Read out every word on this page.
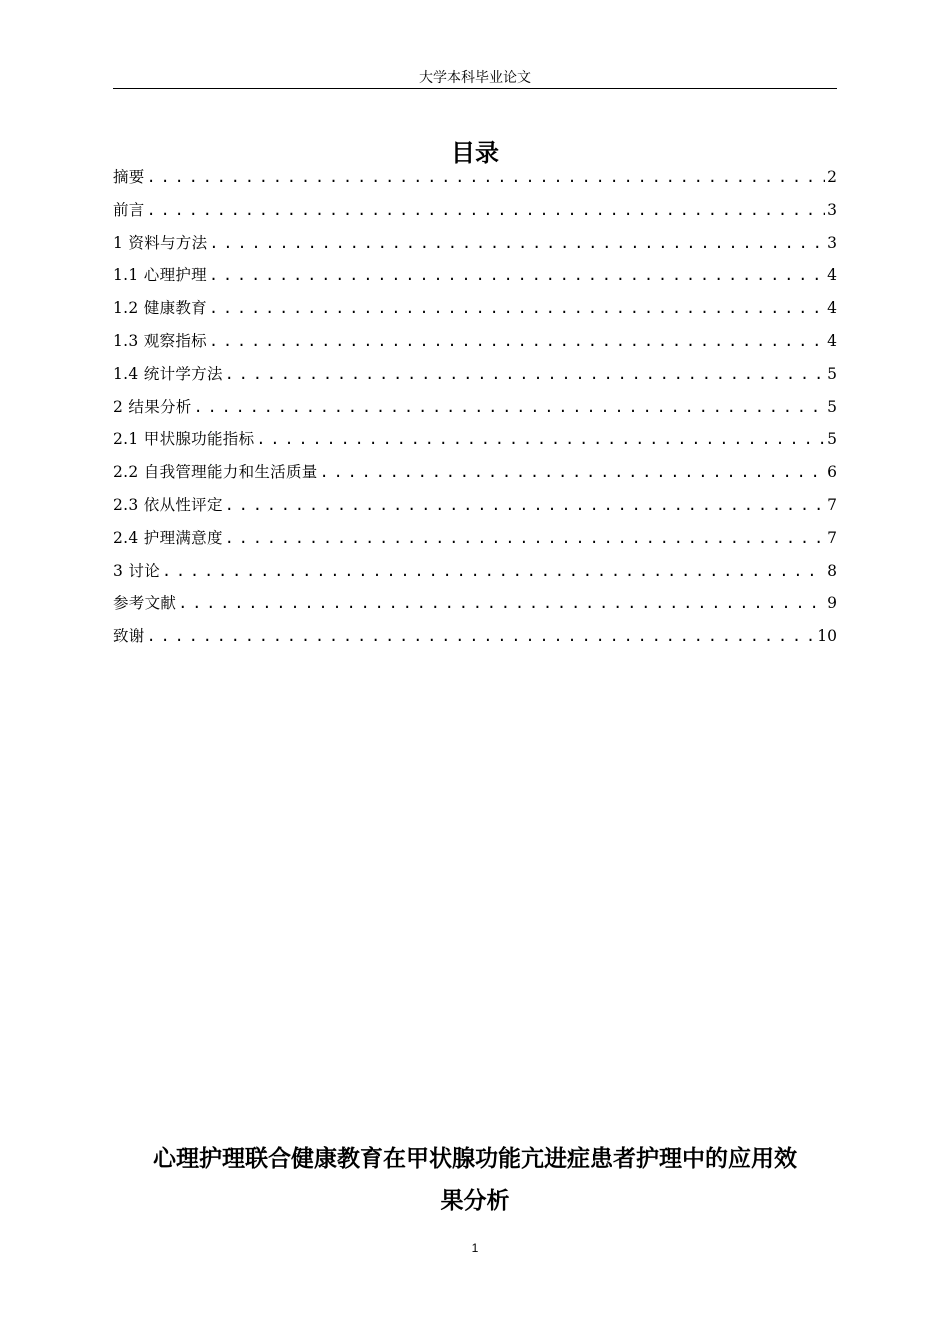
大学本科毕业论文
目录
摘要 .....	2
前言 .....	3
1 资料与方法 .....	3
1.1 心理护理 .....	4
1.2 健康教育 .....	4
1.3 观察指标 .....	4
1.4 统计学方法 .....	5
2 结果分析 .....	5
2.1 甲状腺功能指标 .....	5
2.2 自我管理能力和生活质量 .....	6
2.3 依从性评定 .....	7
2.4 护理满意度 .....	7
3 讨论 .....	8
参考文献 .....	9
致谢 .....	10
心理护理联合健康教育在甲状腺功能亢进症患者护理中的应用效
果分析
1
